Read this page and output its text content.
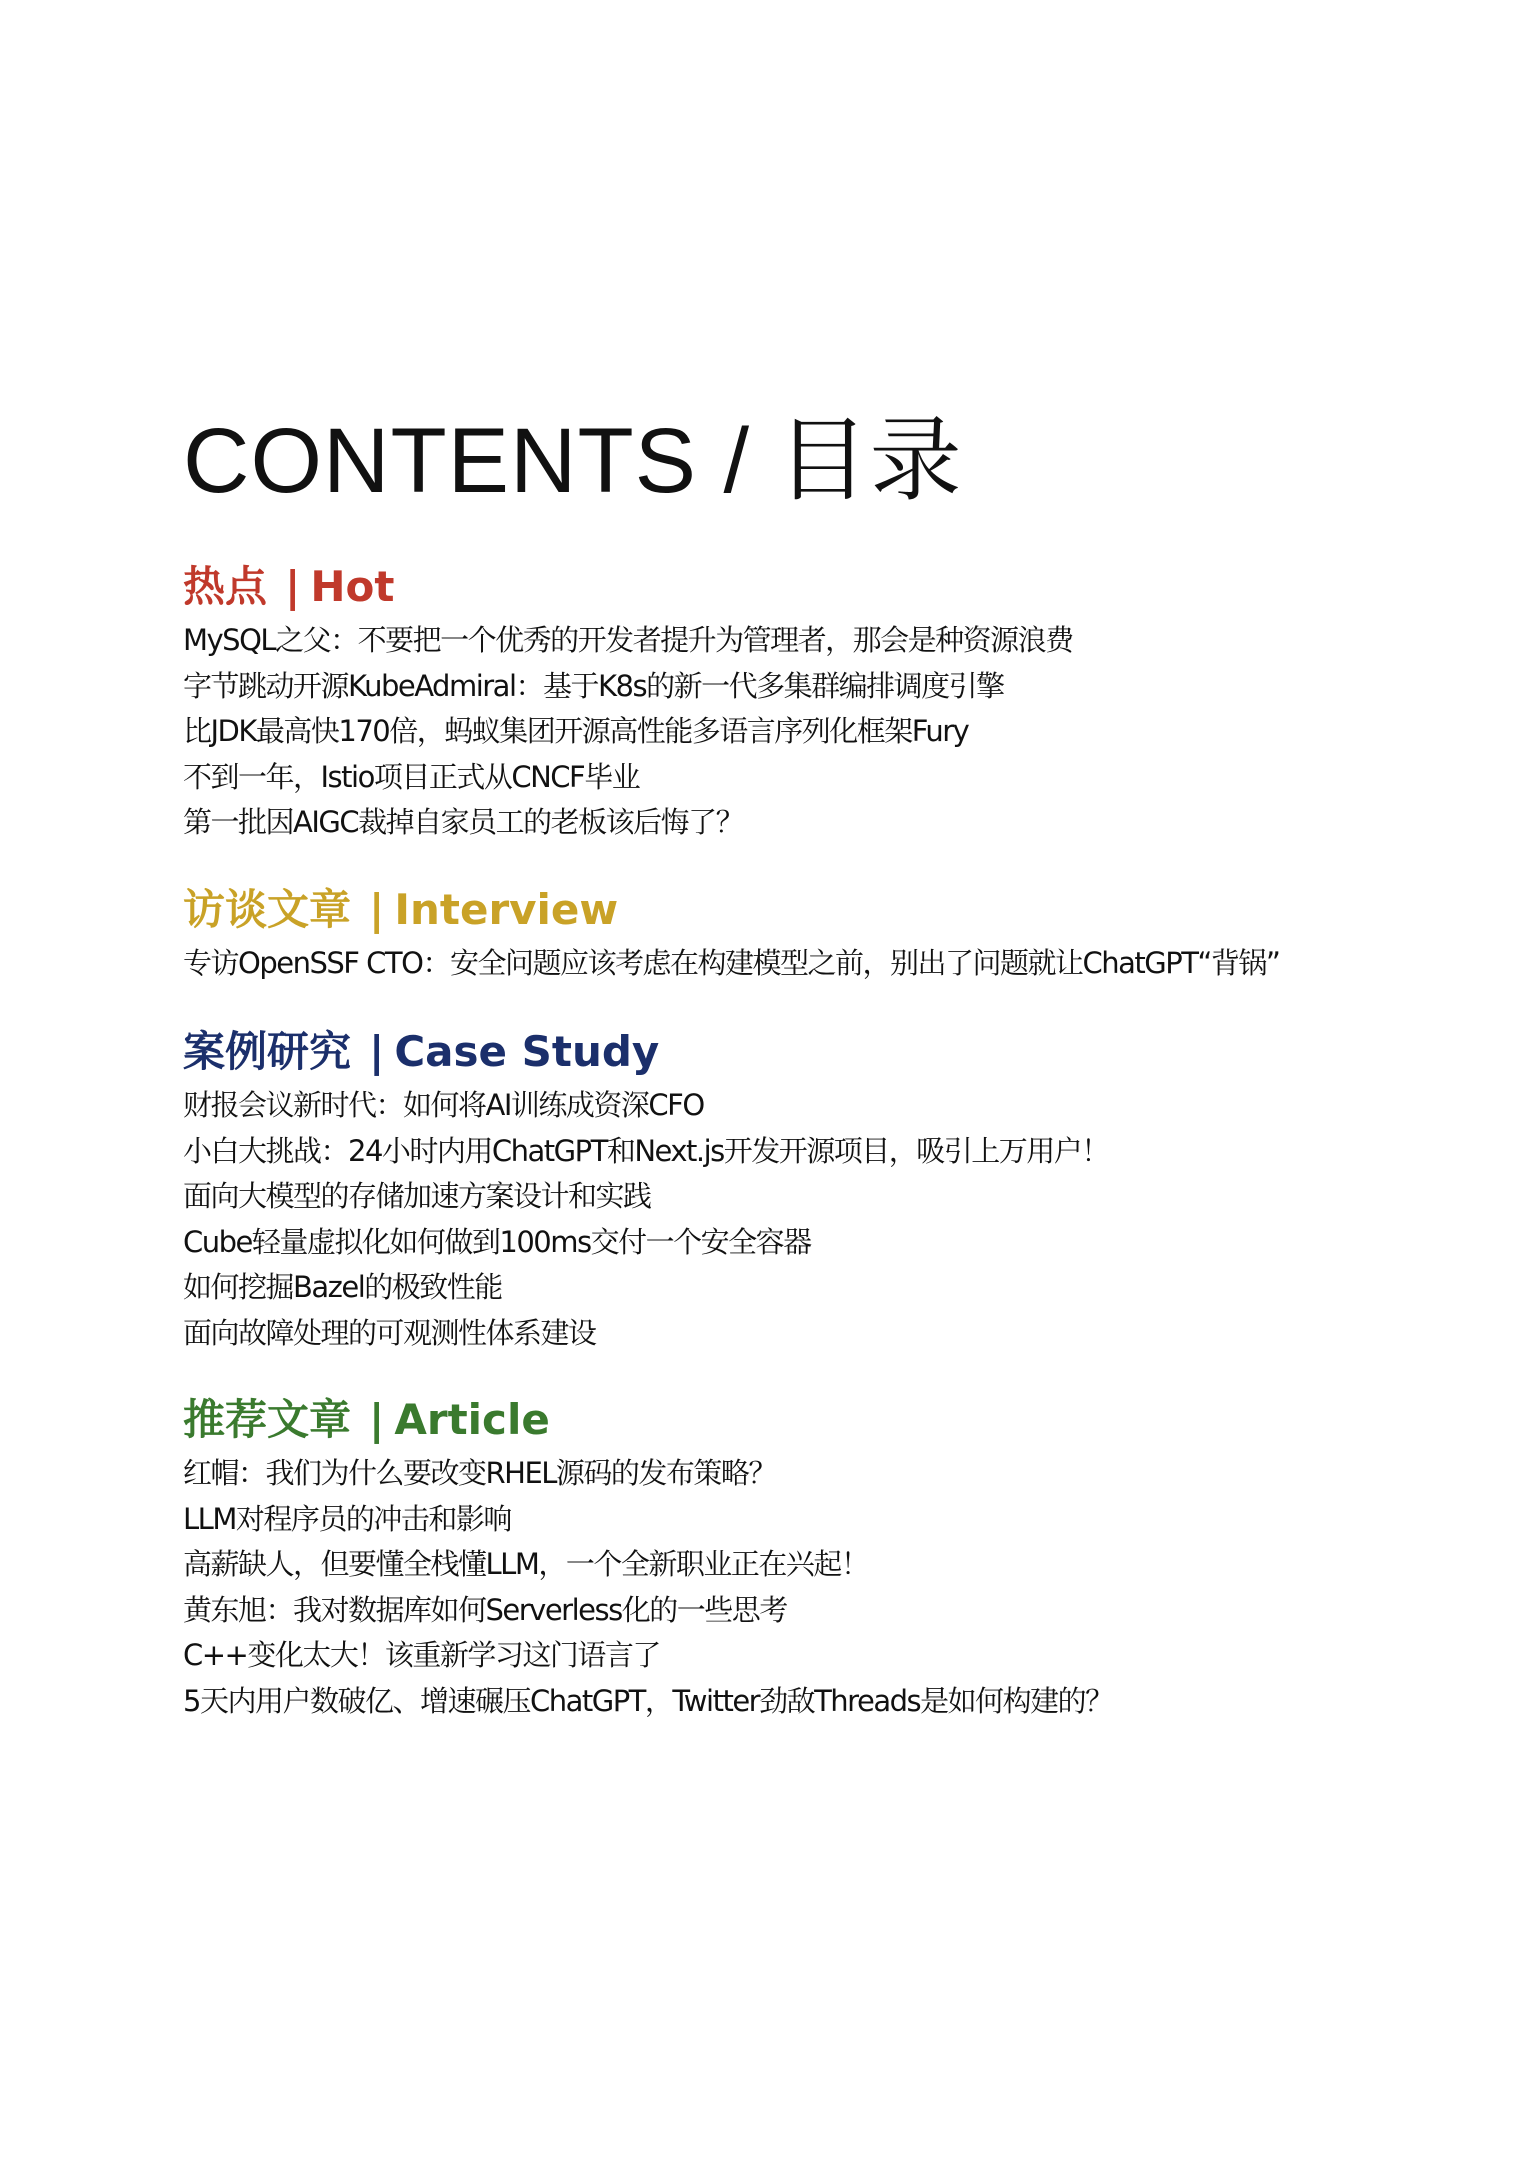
CONTENTS / 目录
热点 | Hot
MySQL之父：不要把一个优秀的开发者提升为管理者，那会是种资源浪费
字节跳动开源KubeAdmiral：基于K8s的新一代多集群编排调度引擎
比JDK最高快170倍，蚂蚁集团开源高性能多语言序列化框架Fury
不到一年，Istio项目正式从CNCF毕业
第一批因AIGC裁掉自家员工的老板该后悔了？
访谈文章 | Interview
专访OpenSSF CTO：安全问题应该考虑在构建模型之前，别出了问题就让ChatGPT“背锅”
案例研究 | Case Study
财报会议新时代：如何将AI训练成资深CFO
小白大挑战：24小时内用ChatGPT和Next.js开发开源项目，吸引上万用户！
面向大模型的存储加速方案设计和实践
Cube轻量虚拟化如何做到100ms交付一个安全容器
如何挖掘Bazel的极致性能
面向故障处理的可观测性体系建设
推荐文章 | Article
红帽：我们为什么要改变RHEL源码的发布策略？
LLM对程序员的冲击和影响
高薪缺人，但要懂全栈懂LLM，一个全新职业正在兴起！
黄东旭：我对数据库如何Serverless化的一些思考
C++变化太大！该重新学习这门语言了
5天内用户数破亿、增速碾压ChatGPT，Twitter劲敌Threads是如何构建的？
